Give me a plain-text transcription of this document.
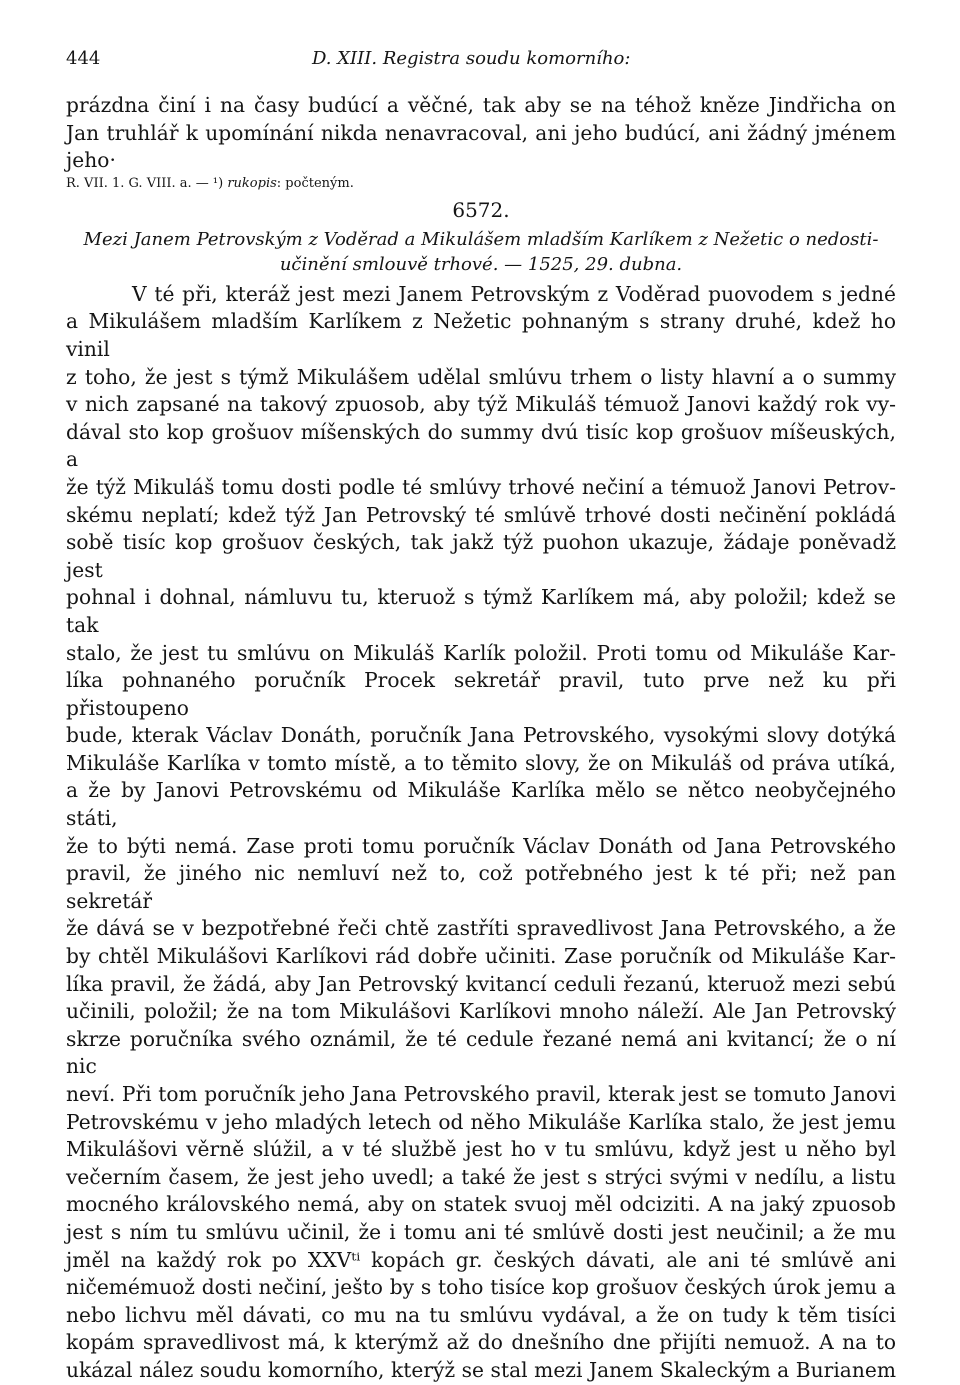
444	D. XIII. Registra soudu komorního:
prázdna činí i na časy budúcí a věčné, tak aby se na téhož kněze Jindřicha on
Jan truhlář k upomínání nikda nenavracoval, ani jeho budúcí, ani žádný jménem jeho·
R. VII. 1. G. VIII. a. — ¹) rukopis: počteným.
6572.
Mezi Janem Petrovským z Voděrad a Mikulášem mladším Karlíkem z Nežetic o nedosti-
učinění smlouvě trhové. — 1525, 29. dubna.
V té při, kteráž jest mezi Janem Petrovským z Voděrad puovodem s jedné
a Mikulášem mladším Karlíkem z Nežetic pohnaným s strany druhé, kdež ho vinil
z toho, že jest s týmž Mikulášem udělal smlúvu trhem o listy hlavní a o summy
v nich zapsané na takový zpuosob, aby týž Mikuláš témuož Janovi každý rok vy-
dával sto kop grošuov míšenských do summy dvú tisíc kop grošuov míšeuských, a
že týž Mikuláš tomu dosti podle té smlúvy trhové nečiní a témuož Janovi Petrov-
skému neplatí; kdež týž Jan Petrovský té smlúvě trhové dosti nečinění pokládá
sobě tisíc kop grošuov českých, tak jakž týž puohon ukazuje, žádaje poněvadž jest
pohnal i dohnal, námluvu tu, kteruož s týmž Karlíkem má, aby položil; kdež se tak
stalo, že jest tu smlúvu on Mikuláš Karlík položil. Proti tomu od Mikuláše Kar-
líka pohnaného poručník Procek sekretář pravil, tuto prve než ku při přistoupeno
bude, kterak Václav Donáth, poručník Jana Petrovského, vysokými slovy dotýká
Mikuláše Karlíka v tomto místě, a to těmito slovy, že on Mikuláš od práva utíká,
a že by Janovi Petrovskému od Mikuláše Karlíka mělo se nětco neobyčejného státi,
že to býti nemá. Zase proti tomu poručník Václav Donáth od Jana Petrovského
pravil, že jiného nic nemluví než to, což potřebného jest k té při; než pan sekretář
že dává se v bezpotřebné řeči chtě zastříti spravedlivost Jana Petrovského, a že
by chtěl Mikulášovi Karlíkovi rád dobře učiniti. Zase poručník od Mikuláše Kar-
líka pravil, že žádá, aby Jan Petrovský kvitancí ceduli řezanú, kteruož mezi sebú
učinili, položil; že na tom Mikulášovi Karlíkovi mnoho náleží. Ale Jan Petrovský
skrze poručníka svého oznámil, že té cedule řezané nemá ani kvitancí; že o ní nic
neví. Při tom poručník jeho Jana Petrovského pravil, kterak jest se tomuto Janovi
Petrovskému v jeho mladých letech od něho Mikuláše Karlíka stalo, že jest jemu
Mikulášovi věrně slúžil, a v té službě jest ho v tu smlúvu, když jest u něho byl
večerním časem, že jest jeho uvedl; a také že jest s strýci svými v nedílu, a listu
mocného královského nemá, aby on statek svuoj měl odciziti. A na jaký zpuosob
jest s ním tu smlúvu učinil, že i tomu ani té smlúvě dosti jest neučinil; a že mu
jměl na každý rok po XXVᵗⁱ kopách gr. českých dávati, ale ani té smlúvě ani
ničemémuož dosti nečiní, ješto by s toho tisíce kop grošuov českých úrok jemu a
nebo lichvu měl dávati, co mu na tu smlúvu vydával, a že on tudy k těm tisíci
kopám spravedlivost má, k kterýmž až do dnešního dne přijíti nemuož. A na to
ukázal nález soudu komorního, kterýž se stal mezi Janem Skaleckým a Burianem
